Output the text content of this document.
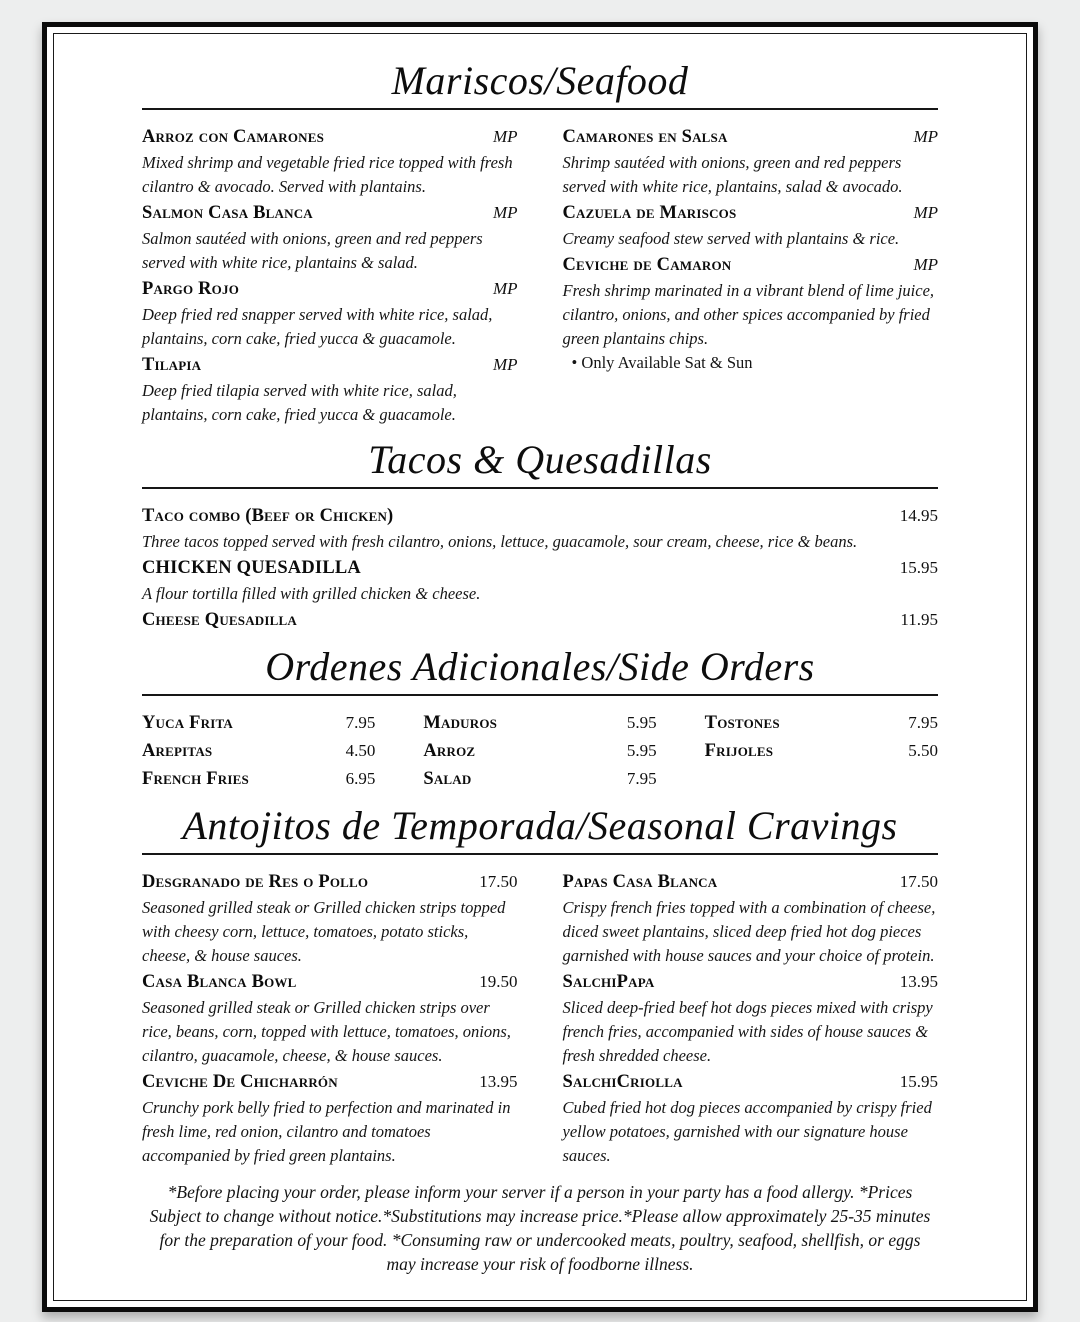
Mariscos/Seafood
Arroz con Camarones	MP

Mixed shrimp and vegetable fried rice topped with fresh cilantro & avocado. Served with plantains.

Salmon Casa Blanca	MP

Salmon sautéed with onions, green and red peppers served with white rice, plantains & salad.

Pargo Rojo	MP

Deep fried red snapper served with white rice, salad, plantains, corn cake, fried yucca & guacamole.

Tilapia	MP

Deep fried tilapia served with white rice, salad, plantains, corn cake, fried yucca & guacamole.

Camarones en Salsa	MP

Shrimp sautéed with onions, green and red peppers served with white rice, plantains, salad & avocado.

Cazuela de Mariscos	MP

Creamy seafood stew served with plantains & rice.

Ceviche de Camaron	MP

Fresh shrimp marinated in a vibrant blend of lime juice, cilantro, onions, and other spices accompanied by fried green plantains chips.

• Only Available Sat & Sun

Tacos & Quesadillas
Taco combo (Beef or Chicken)	14.95

Three tacos topped served with fresh cilantro, onions, lettuce, guacamole, sour cream, cheese, rice & beans.

CHICKEN QUESADILLA	15.95

A flour tortilla filled with grilled chicken & cheese.

Cheese Quesadilla	11.95
Ordenes Adicionales/Side Orders
Yuca Frita	7.95
Arepitas	4.50
French Fries	6.95
Maduros	5.95
Arroz	5.95
Salad	7.95
Tostones	7.95
Frijoles	5.50
Antojitos de Temporada/Seasonal Cravings
Desgranado de Res o Pollo	17.50

Seasoned grilled steak or Grilled chicken strips topped with cheesy corn, lettuce, tomatoes, potato sticks, cheese, & house sauces.

Casa Blanca Bowl	19.50

Seasoned grilled steak or Grilled chicken strips over rice, beans, corn, topped with lettuce, tomatoes, onions, cilantro, guacamole, cheese, & house sauces.

Ceviche De Chicharrón	13.95

Crunchy pork belly fried to perfection and marinated in fresh lime, red onion, cilantro and tomatoes accompanied by fried green plantains.

Papas Casa Blanca	17.50

Crispy french fries topped with a combination of cheese, diced sweet plantains, sliced deep fried hot dog pieces garnished with house sauces and your choice of protein.

SalchiPapa	13.95

Sliced deep-fried beef hot dogs pieces mixed with crispy french fries, accompanied with sides of house sauces & fresh shredded cheese.

SalchiCriolla	15.95

Cubed fried hot dog pieces accompanied by crispy fried yellow potatoes, garnished with our signature house sauces.

*Before placing your order, please inform your server if a person in your party has a food allergy. *Prices Subject to change without notice.*Substitutions may increase price.*Please allow approximately 25-35 minutes for the preparation of your food. *Consuming raw or undercooked meats, poultry, seafood, shellfish, or eggs may increase your risk of foodborne illness.
